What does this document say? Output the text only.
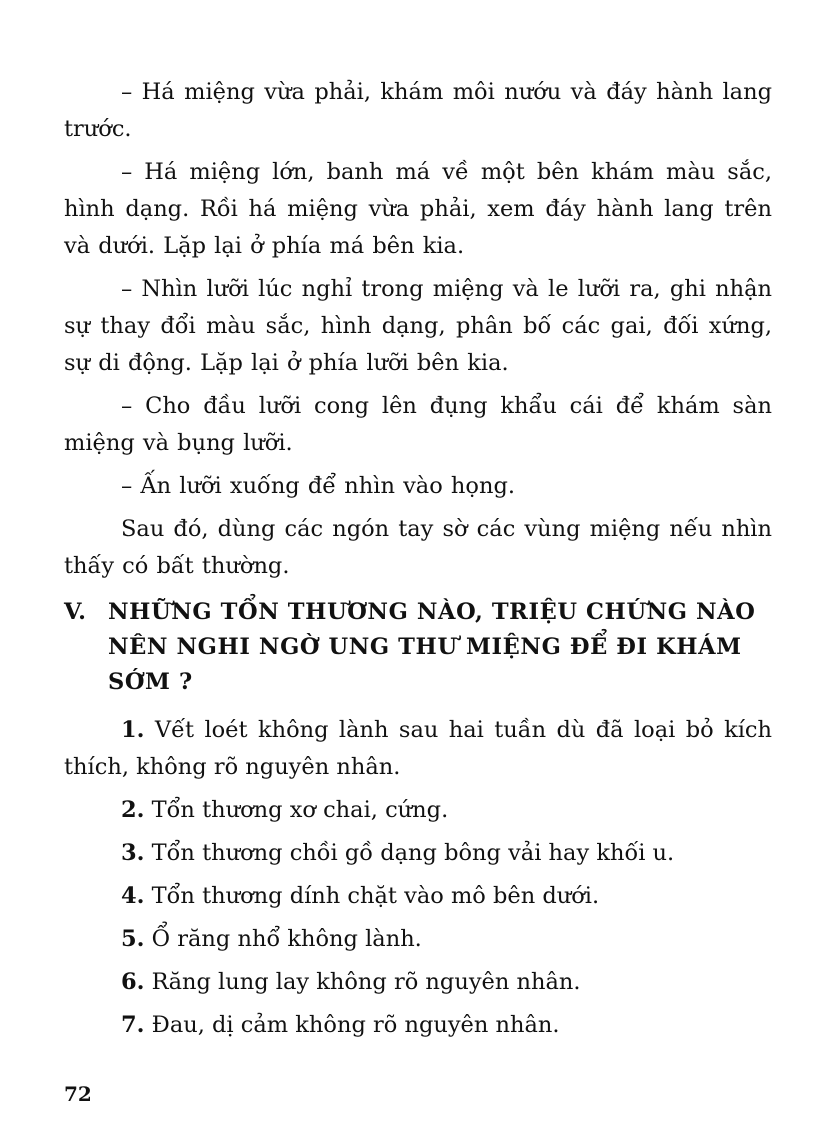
– Há miệng vừa phải, khám môi nướu và đáy hành lang trước.

– Há miệng lớn, banh má về một bên khám màu sắc, hình dạng. Rồi há miệng vừa phải, xem đáy hành lang trên và dưới. Lặp lại ở phía má bên kia.

– Nhìn lưỡi lúc nghỉ trong miệng và le lưỡi ra, ghi nhận sự thay đổi màu sắc, hình dạng, phân bố các gai, đối xứng, sự di động. Lặp lại ở phía lưỡi bên kia.

– Cho đầu lưỡi cong lên đụng khẩu cái để khám sàn miệng và bụng lưỡi.

– Ấn lưỡi xuống để nhìn vào họng.

Sau đó, dùng các ngón tay sờ các vùng miệng nếu nhìn thấy có bất thường.

V. NHỮNG TỔN THƯƠNG NÀO, TRIỆU CHỨNG NÀO NÊN NGHI NGỜ UNG THƯ MIỆNG ĐỂ ĐI KHÁM SỚM ?

1. Vết loét không lành sau hai tuần dù đã loại bỏ kích thích, không rõ nguyên nhân.

2. Tổn thương xơ chai, cứng.

3. Tổn thương chồi gồ dạng bông vải hay khối u.

4. Tổn thương dính chặt vào mô bên dưới.

5. Ổ răng nhổ không lành.

6. Răng lung lay không rõ nguyên nhân.

7. Đau, dị cảm không rõ nguyên nhân.

72
